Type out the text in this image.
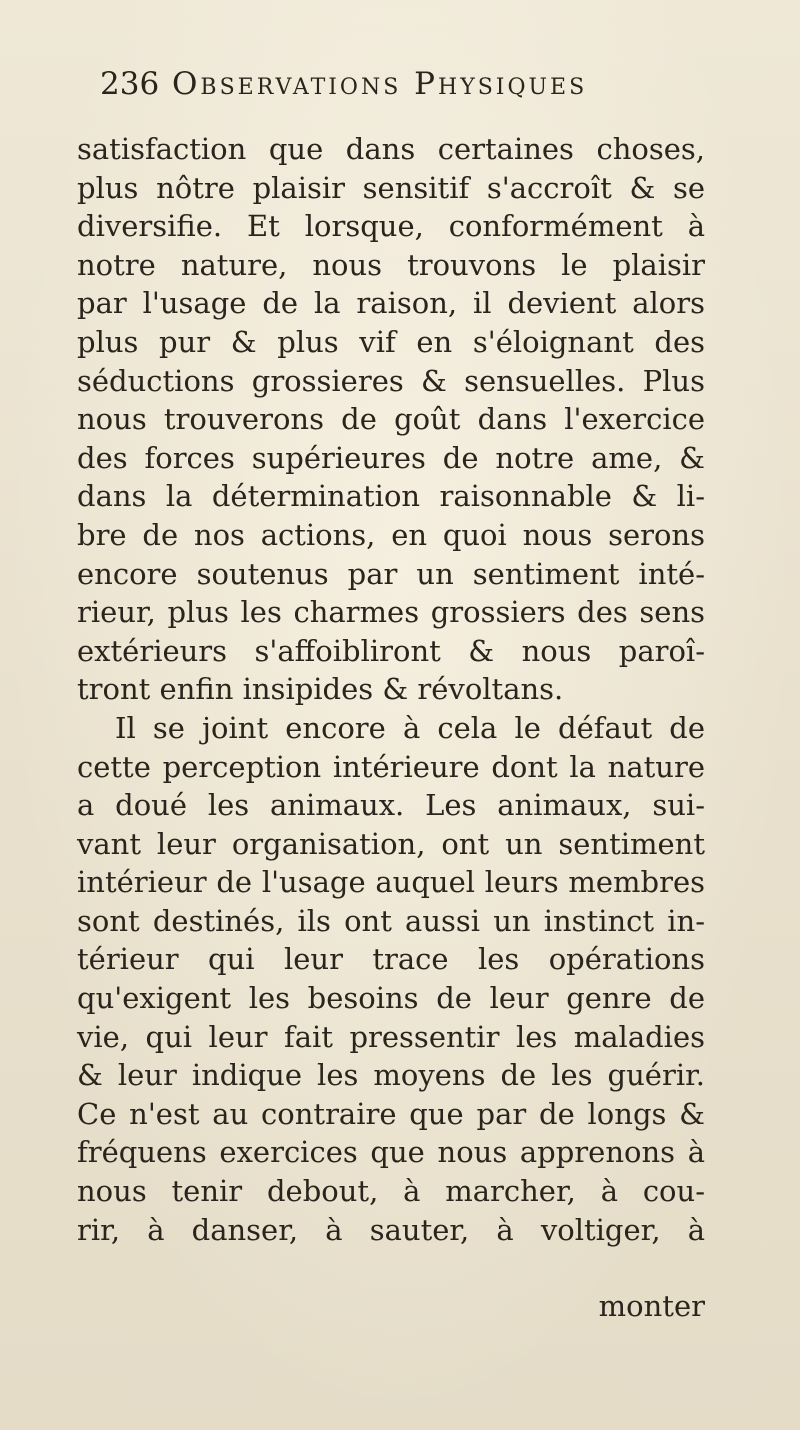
236 Observations Physiques
satisfaction que dans certaines choses,
plus nôtre plaisir sensitif s'accroît & se
diversifie. Et lorsque, conformément à
notre nature, nous trouvons le plaisir
par l'usage de la raison, il devient alors
plus pur & plus vif en s'éloignant des
séductions grossieres & sensuelles. Plus
nous trouverons de goût dans l'exercice
des forces supérieures de notre ame, &
dans la détermination raisonnable & li-
bre de nos actions, en quoi nous serons
encore soutenus par un sentiment inté-
rieur, plus les charmes grossiers des sens
extérieurs s'affoibliront & nous paroî-
tront enfin insipides & révoltans.
Il se joint encore à cela le défaut de
cette perception intérieure dont la nature
a doué les animaux. Les animaux, sui-
vant leur organisation, ont un sentiment
intérieur de l'usage auquel leurs membres
sont destinés, ils ont aussi un instinct in-
térieur qui leur trace les opérations
qu'exigent les besoins de leur genre de
vie, qui leur fait pressentir les maladies
& leur indique les moyens de les guérir.
Ce n'est au contraire que par de longs &
fréquens exercices que nous apprenons à
nous tenir debout, à marcher, à cou-
rir, à danser, à sauter, à voltiger, à
monter
